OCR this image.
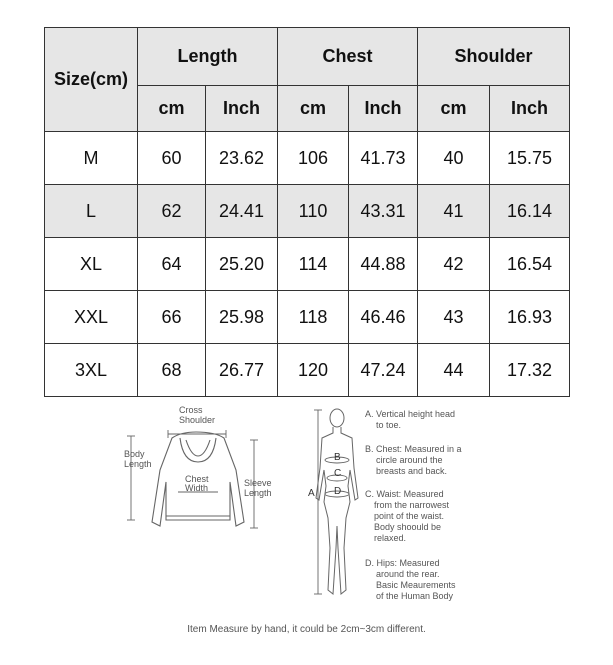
Size(cm)	Length		Chest		Shoulder	
	cm	Inch	cm	Inch	cm	Inch
M	60	23.62	106	41.73	40	15.75
L	62	24.41	110	43.31	41	16.14
XL	64	25.20	114	44.88	42	16.54
XXL	66	25.98	118	46.46	43	16.93
3XL	68	26.77	120	47.24	44	17.32
Cross
Shoulder
Body
Length
Chest
Width	Sleeve
Length	A
B
C
D
A. Vertical height head
to toe.
B. Chest: Measured in a
circle around the
breasts and back.
C. Waist: Measured
from the narrowest
point of the waist.
Body shoould be
relaxed.
D. Hips: Measured
around the rear.
Basic Meaurements
of the Human Body
Item Measure by hand, it could be 2cm~3cm different.
